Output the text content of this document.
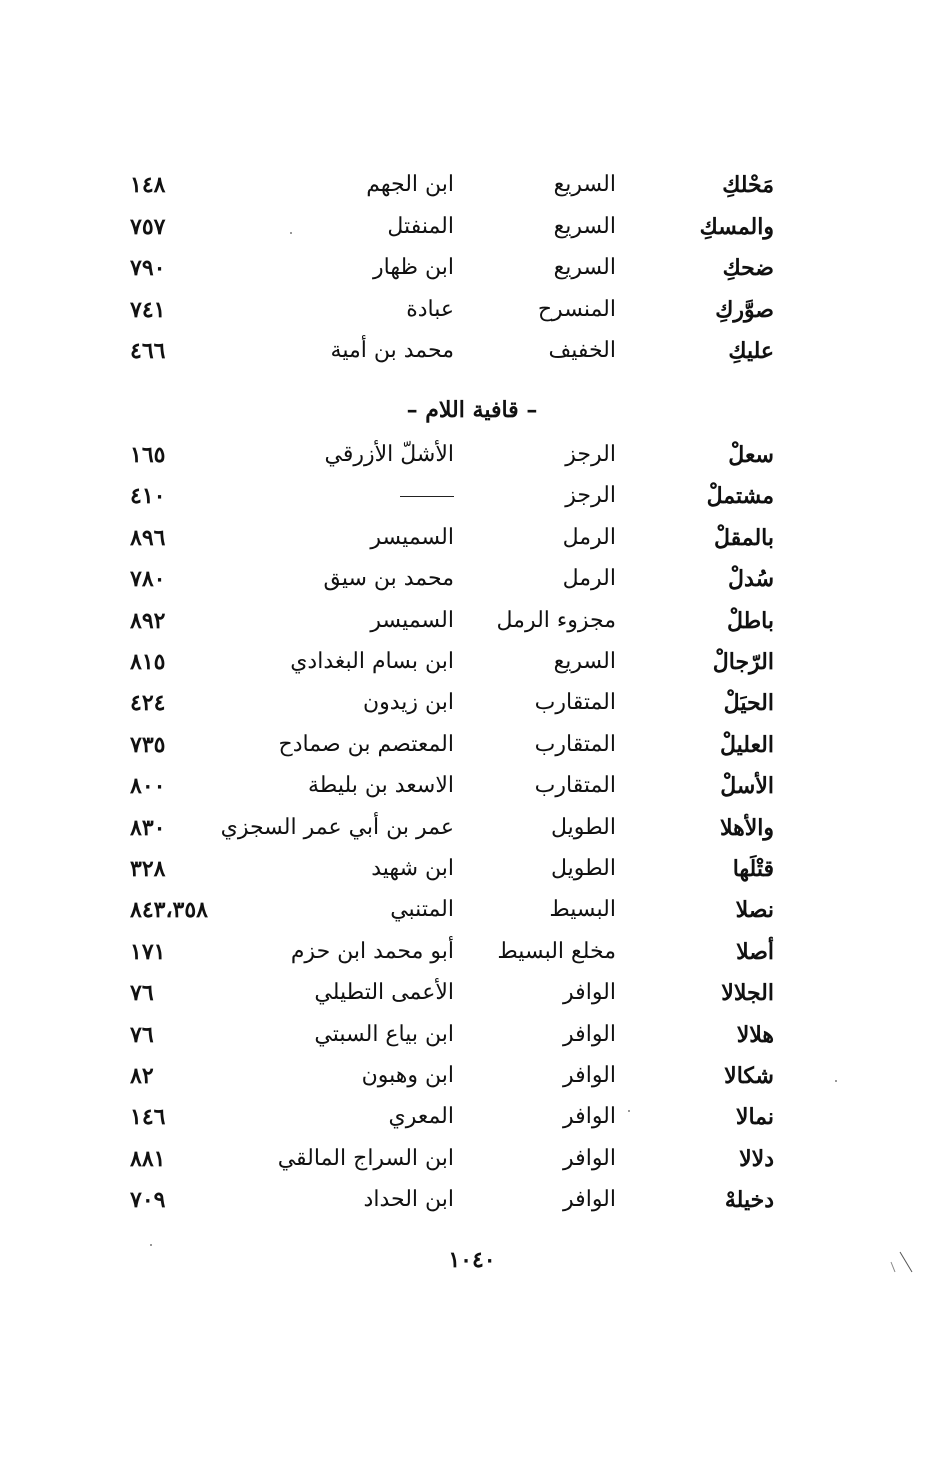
مَحْلكِ
السريع
ابن الجهم
١٤٨
والمسكِ
السريع
المنفتل
٧٥٧
ضحكِ
السريع
ابن ظهار
٧٩٠
صوَّركِ
المنسرح
عبادة
٧٤١
عليكِ
الخفيف
محمد بن أمية
٤٦٦
– قافية اللام –
سعلْ
الرجز
الأشلّ الأزرقي
١٦٥
مشتملْ
الرجز
٤١٠
بالمقلْ
الرمل
السميسر
٨٩٦
سُدلْ
الرمل
محمد بن سيق
٧٨٠
باطلْ
مجزوء الرمل
السميسر
٨٩٢
الرّجالْ
السريع
ابن بسام البغدادي
٨١٥
الحيَلْ
المتقارب
ابن زيدون
٤٢٤
العليلْ
المتقارب
المعتصم بن صمادح
٧٣٥
الأسلْ
المتقارب
الاسعد بن بليطة
٨٠٠
والأهلا
الطويل
عمر بن أبي عمر السجزي
٨٣٠
قتْلَها
الطويل
ابن شهيد
٣٢٨
نصلا
البسيط
المتنبي
٨٤٣،٣٥٨
أصلا
مخلع البسيط
أبو محمد ابن حزم
١٧١
الجلالا
الوافر
الأعمى التطيلي
٧٦
هلالا
الوافر
ابن بياع السبتي
٧٦
شكالا
الوافر
ابن وهبون
٨٢
نمالا
الوافر
المعري
١٤٦
دلالا
الوافر
ابن السراج المالقي
٨٨١
دخيلهْ
الوافر
ابن الحداد
٧٠٩
١٠٤٠
